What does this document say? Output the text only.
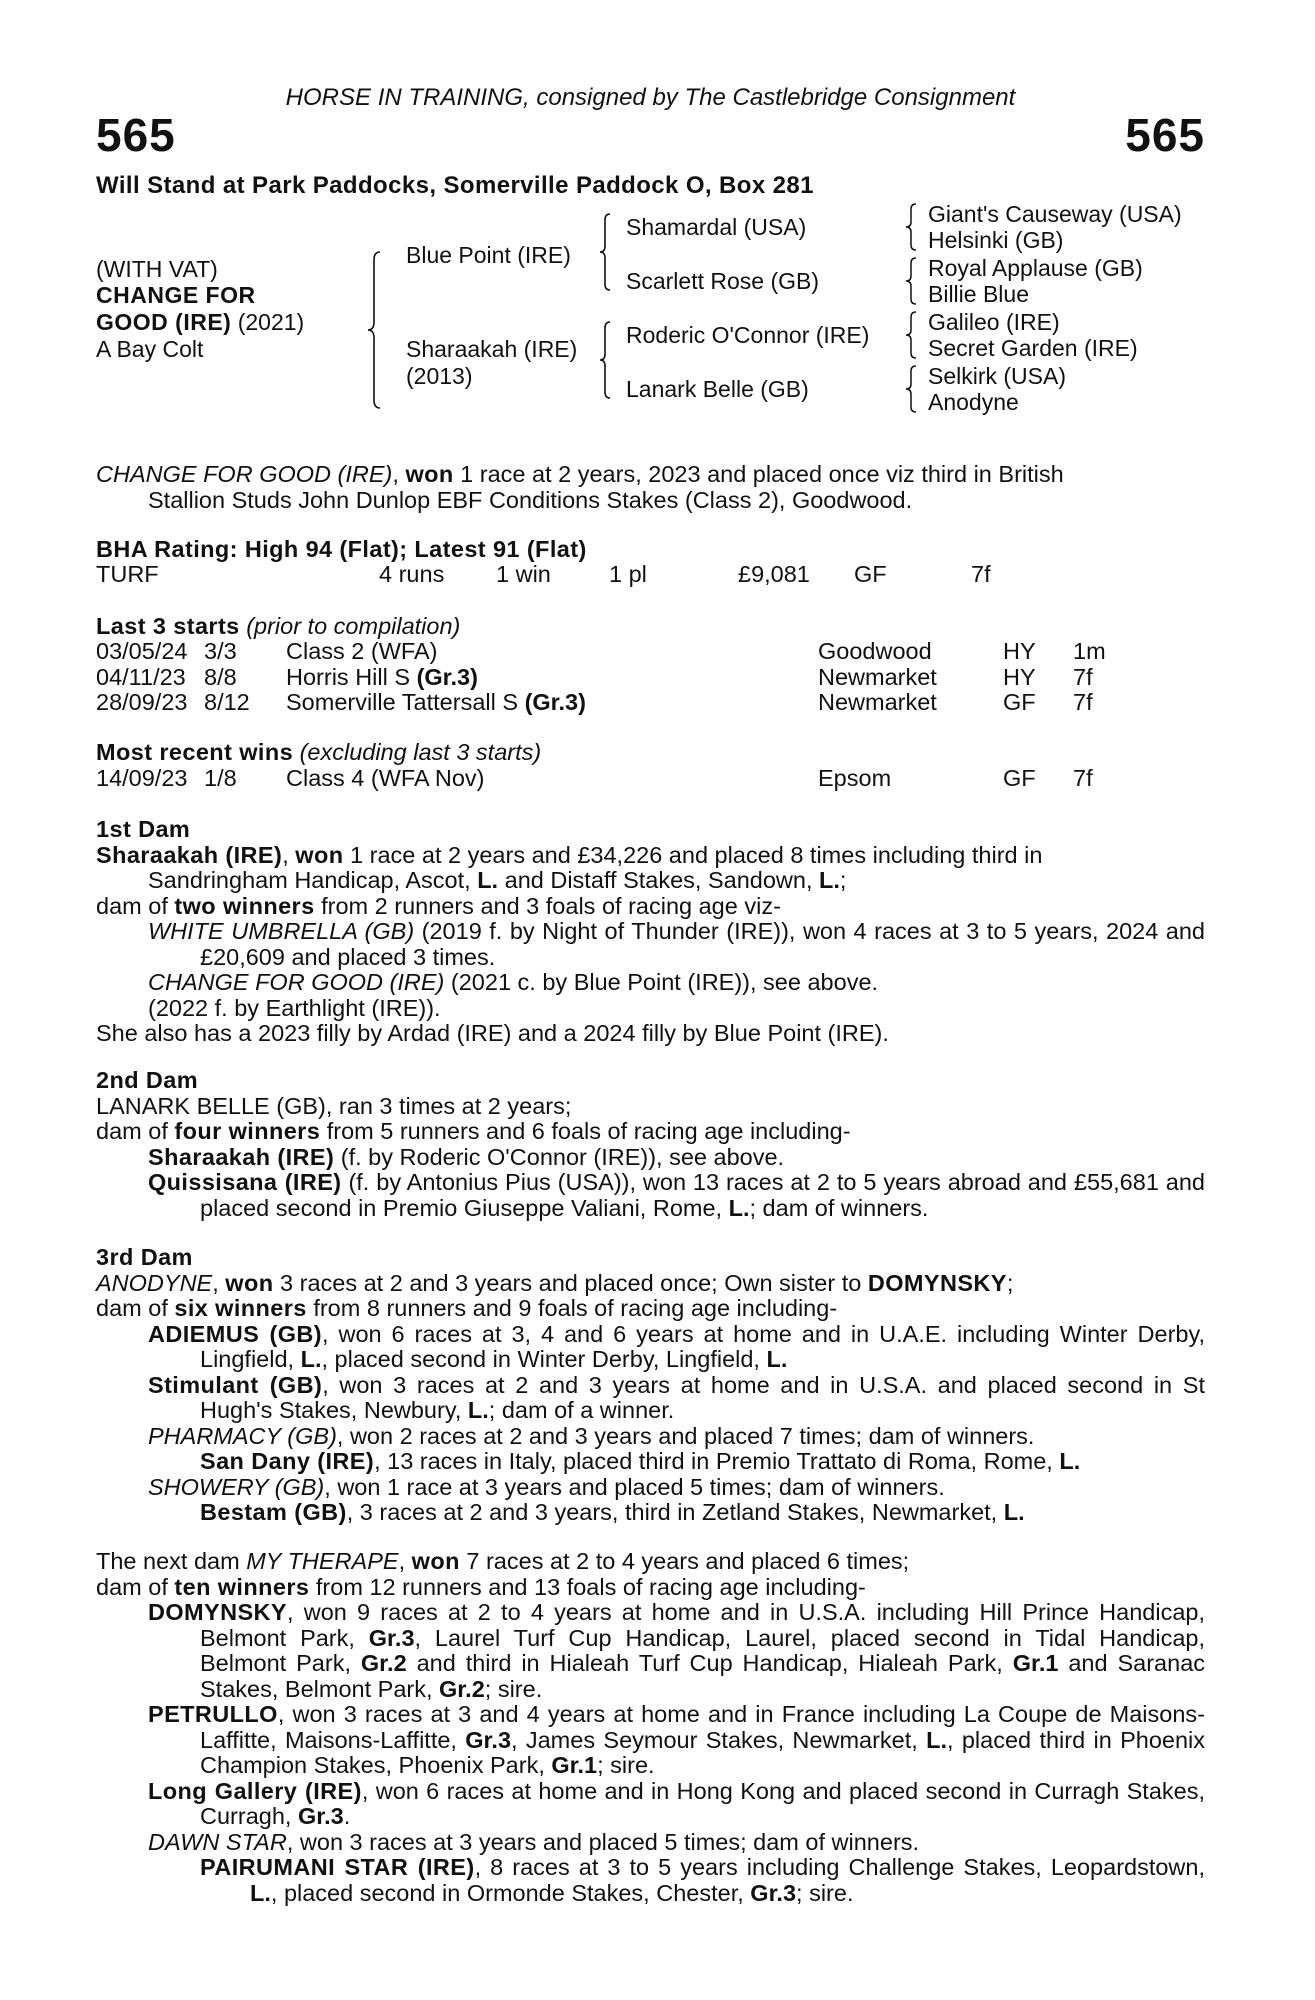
HORSE IN TRAINING, consigned by The Castlebridge Consignment
565	565
Will Stand at Park Paddocks, Somerville Paddock O, Box 281
(WITH VAT)
CHANGE FOR
GOOD (IRE) (2021)
A Bay Colt
Blue Point (IRE)
Sharaakah (IRE)
(2013)
Shamardal (USA)
Scarlett Rose (GB)
Roderic O'Connor (IRE)
Lanark Belle (GB)
Giant's Causeway (USA)
Helsinki (GB)
Royal Applause (GB)
Billie Blue
Galileo (IRE)
Secret Garden (IRE)
Selkirk (USA)
Anodyne

CHANGE FOR GOOD (IRE), won 1 race at 2 years, 2023 and placed once viz third in British

Stallion Studs John Dunlop EBF Conditions Stakes (Class 2), Goodwood.

BHA Rating: High 94 (Flat); Latest 91 (Flat)
TURF	4 runs 1 win 1 pl	£9,081 GF	7f
Last 3 starts (prior to compilation)
03/05/24 3/3 Class 2 (WFA)	Goodwood	HY 1m
04/11/23 8/8 Horris Hill S (Gr.3)	Newmarket	HY 7f
28/09/23 8/12 Somerville Tattersall S (Gr.3)	Newmarket	GF 7f
Most recent wins (excluding last 3 starts)
14/09/23 1/8 Class 4 (WFA Nov)	Epsom	GF 7f

1st Dam

Sharaakah (IRE), won 1 race at 2 years and £34,226 and placed 8 times including third in

Sandringham Handicap, Ascot, L. and Distaff Stakes, Sandown, L.;

dam of two winners from 2 runners and 3 foals of racing age viz-

WHITE UMBRELLA (GB) (2019 f. by Night of Thunder (IRE)), won 4 races at 3 to 5 years, 2024 and £20,609 and placed 3 times.

CHANGE FOR GOOD (IRE) (2021 c. by Blue Point (IRE)), see above.

(2022 f. by Earthlight (IRE)).

She also has a 2023 filly by Ardad (IRE) and a 2024 filly by Blue Point (IRE).

2nd Dam

LANARK BELLE (GB), ran 3 times at 2 years;

dam of four winners from 5 runners and 6 foals of racing age including-

Sharaakah (IRE) (f. by Roderic O'Connor (IRE)), see above.

Quissisana (IRE) (f. by Antonius Pius (USA)), won 13 races at 2 to 5 years abroad and £55,681 and placed second in Premio Giuseppe Valiani, Rome, L.; dam of winners.

3rd Dam

ANODYNE, won 3 races at 2 and 3 years and placed once; Own sister to DOMYNSKY;

dam of six winners from 8 runners and 9 foals of racing age including-

ADIEMUS (GB), won 6 races at 3, 4 and 6 years at home and in U.A.E. including Winter Derby, Lingfield, L., placed second in Winter Derby, Lingfield, L.

Stimulant (GB), won 3 races at 2 and 3 years at home and in U.S.A. and placed second in St Hugh's Stakes, Newbury, L.; dam of a winner.

PHARMACY (GB), won 2 races at 2 and 3 years and placed 7 times; dam of winners.

San Dany (IRE), 13 races in Italy, placed third in Premio Trattato di Roma, Rome, L.

SHOWERY (GB), won 1 race at 3 years and placed 5 times; dam of winners.

Bestam (GB), 3 races at 2 and 3 years, third in Zetland Stakes, Newmarket, L.

The next dam MY THERAPE, won 7 races at 2 to 4 years and placed 6 times;

dam of ten winners from 12 runners and 13 foals of racing age including-

DOMYNSKY, won 9 races at 2 to 4 years at home and in U.S.A. including Hill Prince Handicap, Belmont Park, Gr.3, Laurel Turf Cup Handicap, Laurel, placed second in Tidal Handicap, Belmont Park, Gr.2 and third in Hialeah Turf Cup Handicap, Hialeah Park, Gr.1 and Saranac Stakes, Belmont Park, Gr.2; sire.

PETRULLO, won 3 races at 3 and 4 years at home and in France including La Coupe de Maisons-Laffitte, Maisons-Laffitte, Gr.3, James Seymour Stakes, Newmarket, L., placed third in Phoenix Champion Stakes, Phoenix Park, Gr.1; sire.

Long Gallery (IRE), won 6 races at home and in Hong Kong and placed second in Curragh Stakes, Curragh, Gr.3.

DAWN STAR, won 3 races at 3 years and placed 5 times; dam of winners.

PAIRUMANI STAR (IRE), 8 races at 3 to 5 years including Challenge Stakes, Leopardstown, L., placed second in Ormonde Stakes, Chester, Gr.3; sire.
